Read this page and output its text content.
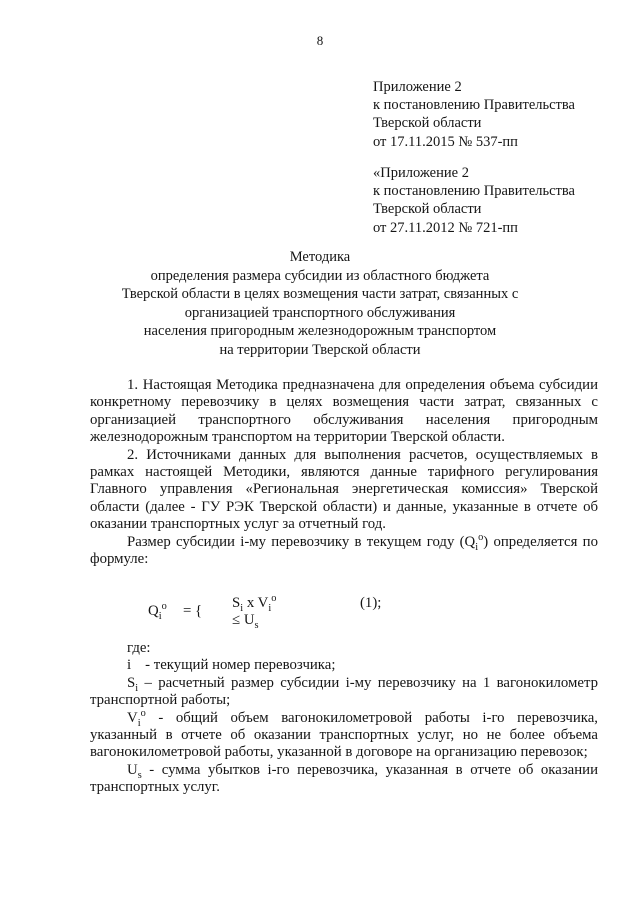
8
Приложение 2
к постановлению Правительства
Тверской области
от 17.11.2015 № 537-пп
«Приложение 2
к постановлению Правительства
Тверской области
от 27.11.2012 № 721-пп
Методика
определения размера субсидии из областного бюджета
Тверской области в целях возмещения части затрат, связанных с
организацией транспортного обслуживания
населения пригородным железнодорожным транспортом
на территории Тверской области

1. Настоящая Методика предназначена для определения объема субсидии конкретному перевозчику в целях возмещения части затрат, связанных с организацией транспортного обслуживания населения пригородным железнодорожным транспортом на территории Тверской области.

2. Источниками данных для выполнения расчетов, осуществляемых в рамках настоящей Методики, являются данные тарифного регулирования Главного управления «Региональная энергетическая комиссия» Тверской области (далее - ГУ РЭК Тверской области) и данные, указанные в отчете об оказании транспортных услуг за отчетный год.

Размер субсидии i-му перевозчику в текущем году $(Q_i^о)$ определяется по формуле:

$Q_i^o$ = { $S_i$ x $V_i^o$
≤ $U_s$
(1);

где:

i - текущий номер перевозчика;

$S_i$ – расчетный размер субсидии i-му перевозчику на 1 вагонокилометр транспортной работы;

$V_i^o$ - общий объем вагонокилометровой работы i-го перевозчика, указанный в отчете об оказании транспортных услуг, но не более объема вагонокилометровой работы, указанной в договоре на организацию перевозок;

$U_s$ - сумма убытков i-го перевозчика, указанная в отчете об оказании транспортных услуг.
